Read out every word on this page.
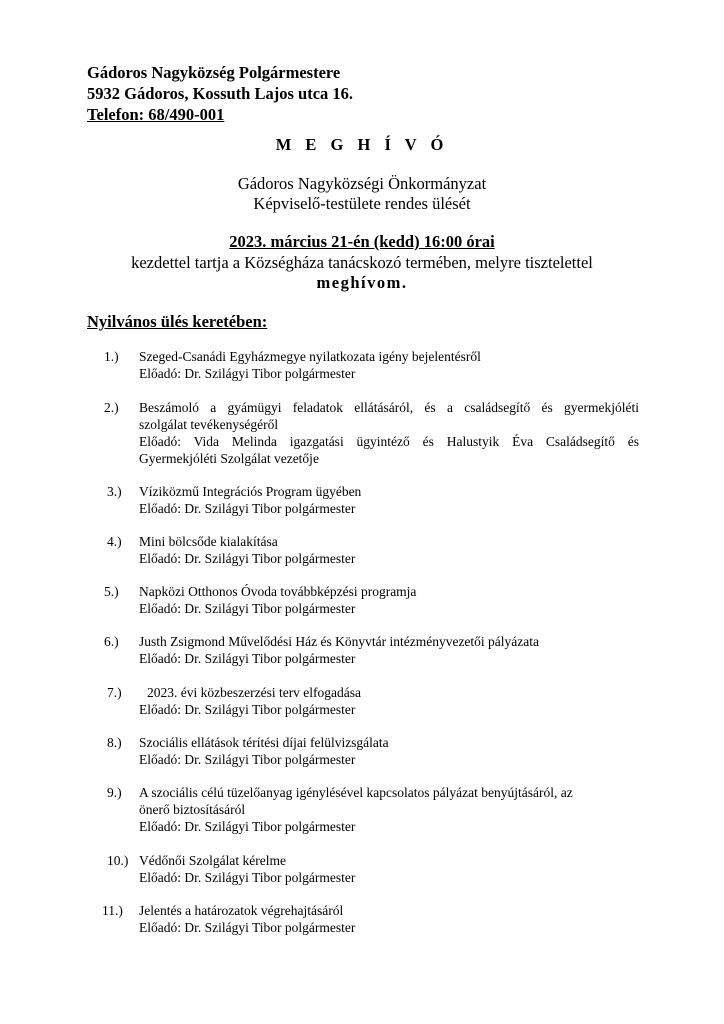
Gádoros Nagyközség Polgármestere
5932 Gádoros, Kossuth Lajos utca 16.
Telefon: 68/490-001
M E G H Í V Ó
Gádoros Nagyközségi Önkormányzat
Képviselő-testülete rendes ülését
2023. március 21-én (kedd) 16:00 órai
kezdettel tartja a Községháza tanácskozó termében, melyre tisztelettel
meghívom.
Nyilvános ülés keretében:
1.) Szeged-Csanádi Egyházmegye nyilatkozata igény bejelentésről
Előadó: Dr. Szilágyi Tibor polgármester
2.) Beszámoló a gyámügyi feladatok ellátásáról, és a családsegítő és gyermekjóléti
szolgálat tevékenységéről
Előadó: Vida Melinda igazgatási ügyintéző és Halustyik Éva Családsegítő és
Gyermekjóléti Szolgálat vezetője
3.) Víziközmű Integrációs Program ügyében
Előadó: Dr. Szilágyi Tibor polgármester
4.) Mini bölcsőde kialakítása
Előadó: Dr. Szilágyi Tibor polgármester
5.) Napközi Otthonos Óvoda továbbképzési programja
Előadó: Dr. Szilágyi Tibor polgármester
6.) Justh Zsigmond Művelődési Ház és Könyvtár intézményvezetői pályázata
Előadó: Dr. Szilágyi Tibor polgármester
7.)	2023. évi közbeszerzési terv elfogadása
Előadó: Dr. Szilágyi Tibor polgármester
8.) Szociális ellátások térítési díjai felülvizsgálata
Előadó: Dr. Szilágyi Tibor polgármester
9.) A szociális célú tüzelőanyag igénylésével kapcsolatos pályázat benyújtásáról, az
önerő biztosításáról
Előadó: Dr. Szilágyi Tibor polgármester
10.) Védőnői Szolgálat kérelme
Előadó: Dr. Szilágyi Tibor polgármester
11.) Jelentés a határozatok végrehajtásáról
Előadó: Dr. Szilágyi Tibor polgármester
